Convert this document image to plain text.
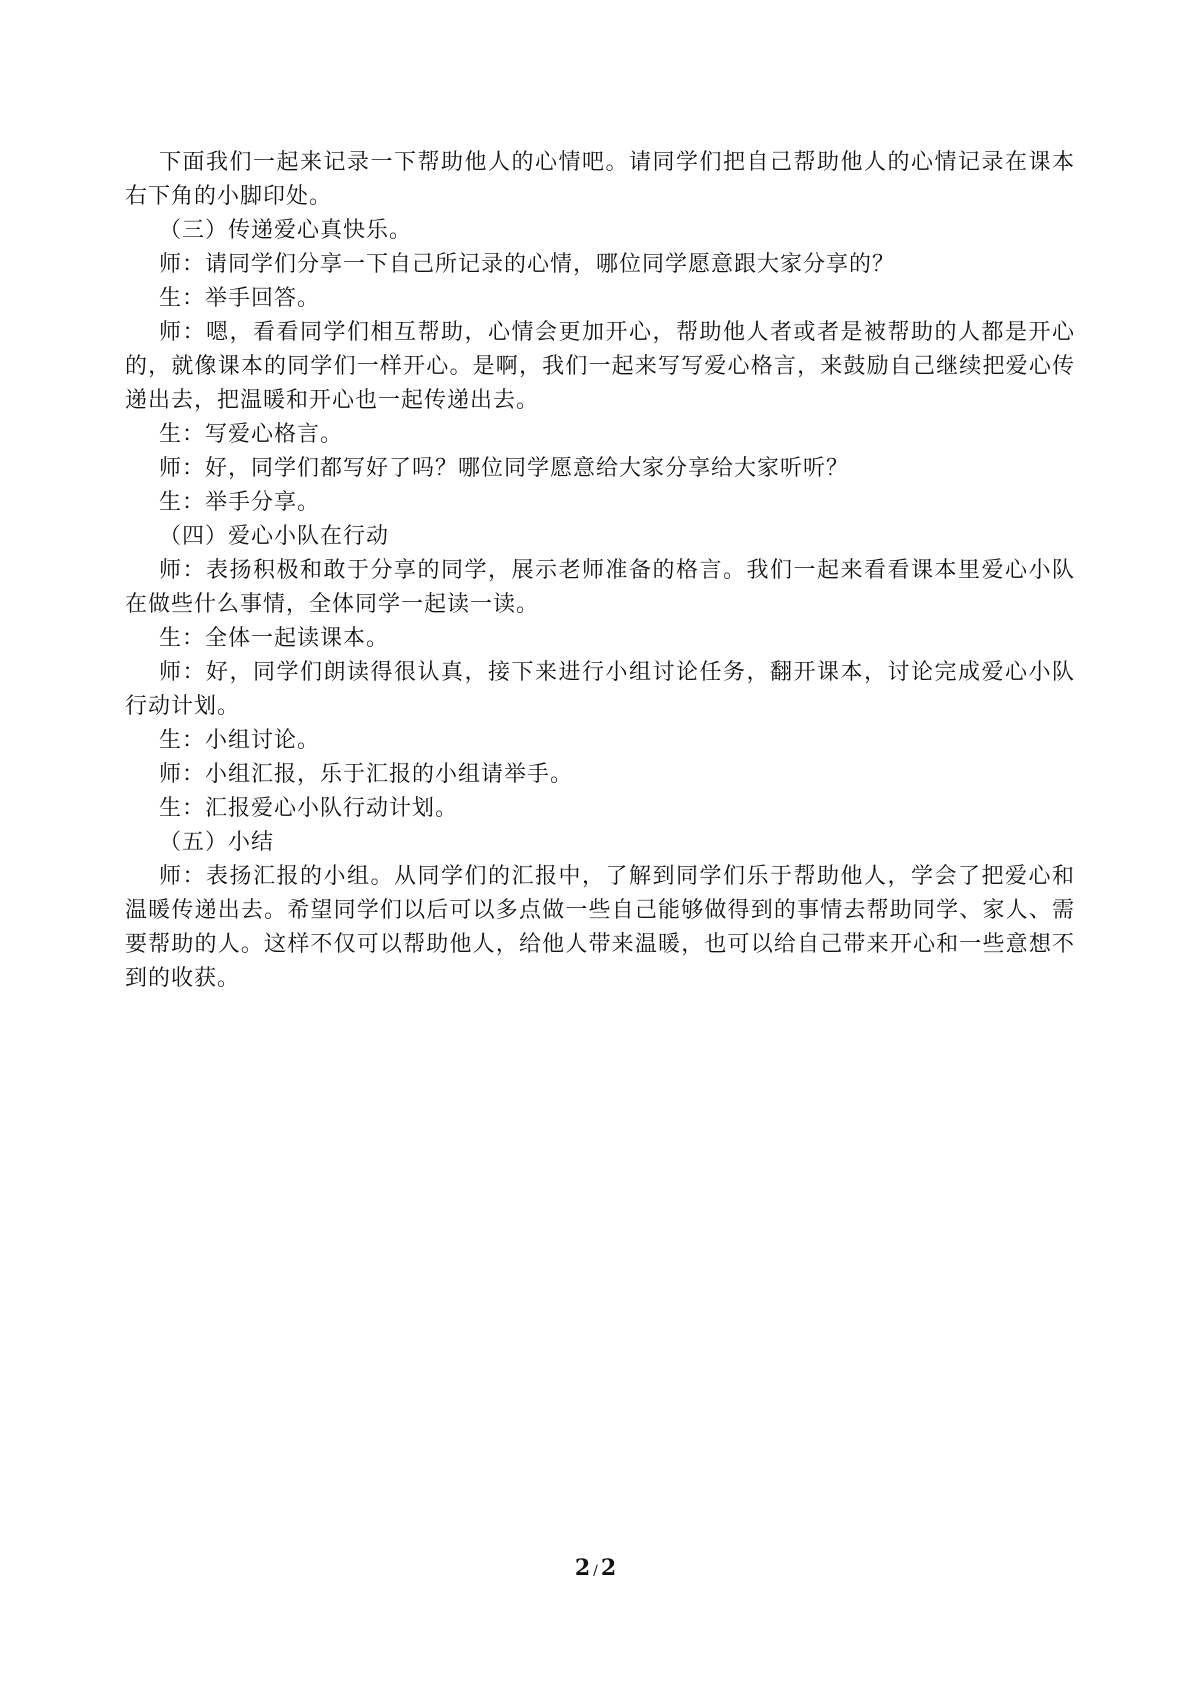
下面我们一起来记录一下帮助他人的心情吧。请同学们把自己帮助他人的心情记录在课本右下角的小脚印处。

（三）传递爱心真快乐。

师：请同学们分享一下自己所记录的心情，哪位同学愿意跟大家分享的？

生：举手回答。

师：嗯，看看同学们相互帮助，心情会更加开心，帮助他人者或者是被帮助的人都是开心的，就像课本的同学们一样开心。是啊，我们一起来写写爱心格言，来鼓励自己继续把爱心传递出去，把温暖和开心也一起传递出去。

生：写爱心格言。

师：好，同学们都写好了吗？哪位同学愿意给大家分享给大家听听？

生：举手分享。

（四）爱心小队在行动

师：表扬积极和敢于分享的同学，展示老师准备的格言。我们一起来看看课本里爱心小队在做些什么事情，全体同学一起读一读。

生：全体一起读课本。

师：好，同学们朗读得很认真，接下来进行小组讨论任务，翻开课本，讨论完成爱心小队行动计划。

生：小组讨论。

师：小组汇报，乐于汇报的小组请举手。

生：汇报爱心小队行动计划。

（五）小结

师：表扬汇报的小组。从同学们的汇报中，了解到同学们乐于帮助他人，学会了把爱心和温暖传递出去。希望同学们以后可以多点做一些自己能够做得到的事情去帮助同学、家人、需要帮助的人。这样不仅可以帮助他人，给他人带来温暖，也可以给自己带来开心和一些意想不到的收获。

2 / 2
